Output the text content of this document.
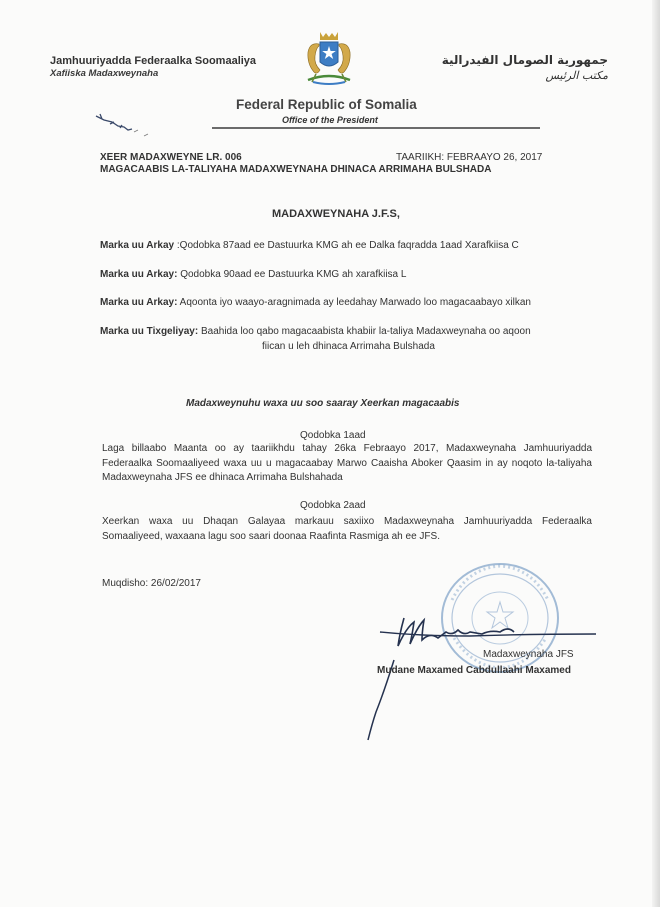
Jamhuuriyadda Federaalka Soomaaliya
Xafiiska Madaxweynaha
جمهورية الصومال الفيدرالية
مكتب الرئيس
Federal Republic of Somalia
Office of the President
XEER MADAXWEYNE LR. 006	TAARIIKH: FEBRAAYO 26, 2017
MAGACAABIS LA-TALIYAHA MADAXWEYNAHA DHINACA ARRIMAHA BULSHADA
MADAXWEYNAHA J.F.S,
Marka uu Arkay :Qodobka 87aad ee Dastuurka KMG ah ee Dalka faqradda 1aad Xarafkiisa C
Marka uu Arkay: Qodobka 90aad ee Dastuurka KMG ah xarafkiisa L
Marka uu Arkay: Aqoonta iyo waayo-aragnimada ay leedahay Marwado loo magacaabayo xilkan
Marka uu Tixgeliyay: Baahida loo qabo magacaabista khabiir la-taliya Madaxweynaha oo aqoon
fiican u leh dhinaca Arrimaha Bulshada
Madaxweynuhu waxa uu soo saaray Xeerkan magacaabis
Qodobka 1aad
Laga billaabo Maanta oo ay taariikhdu tahay 26ka Febraayo 2017, Madaxweynaha Jamhuuriyadda Federaalka Soomaaliyeed waxa uu u magacaabay Marwo Caaisha Aboker Qaasim in ay noqoto la-taliyaha Madaxweynaha JFS ee dhinaca Arrimaha Bulshahada
Qodobka 2aad
Xeerkan waxa uu Dhaqan Galayaa markauu saxiixo Madaxweynaha Jamhuuriyadda Federaalka Somaaliyeed, waxaana lagu soo saari doonaa Raafinta Rasmiga ah ee JFS.
Muqdisho: 26/02/2017
Madaxweynaha JFS
Mudane Maxamed Cabdullaahi Maxamed
